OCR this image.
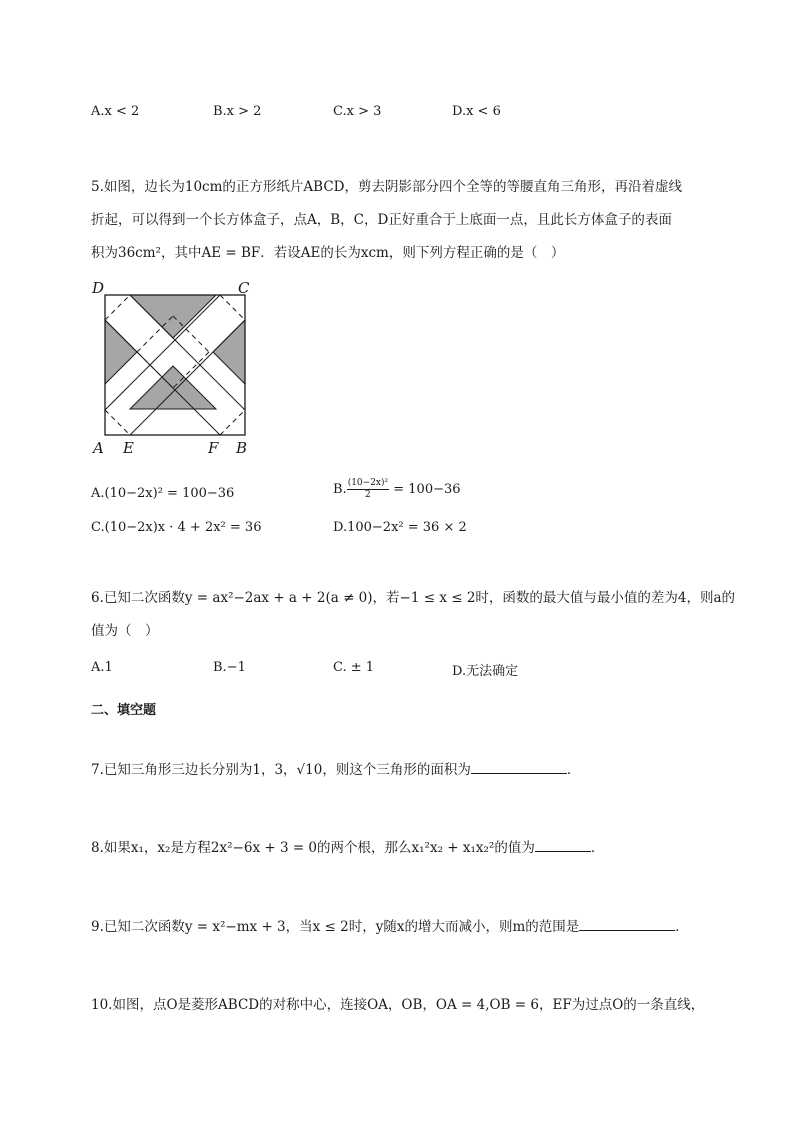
A.x < 2	B.x > 2	C.x > 3	D.x < 6
5.如图，边长为10cm的正方形纸片ABCD，剪去阴影部分四个全等的等腰直角三角形，再沿着虚线
折起，可以得到一个长方体盒子，点A，B，C，D正好重合于上底面一点，且此长方体盒子的表面
积为36cm²，其中AE = BF．若设AE的长为xcm，则下列方程正确的是（　）
D	C
A E	F B
A.(10−2x)² = 100−36	B. $\frac{\text{(10−2x)²}}{2} = 100-36$
C.(10−2x)x · 4 + 2x² = 36	D.100−2x² = 36 × 2
6.已知二次函数y = ax²−2ax + a + 2(a ≠ 0)，若−1 ≤ x ≤ 2时，函数的最大值与最小值的差为4，则a的
值为（　）
A.1	B.−1	C. ± 1	D.无法确定
二、填空题
7.已知三角形三边长分别为1，3，√10，则这个三角形的面积为	．
8.如果x₁，x₂是方程2x²−6x + 3 = 0的两个根，那么x₁²x₂ + x₁x₂²的值为	．
9.已知二次函数y = x²−mx + 3，当x ≤ 2时，y随x的增大而减小，则m的范围是	．
10.如图，点O是菱形ABCD的对称中心，连接OA，OB，OA = 4,OB = 6，EF为过点O的一条直线，
